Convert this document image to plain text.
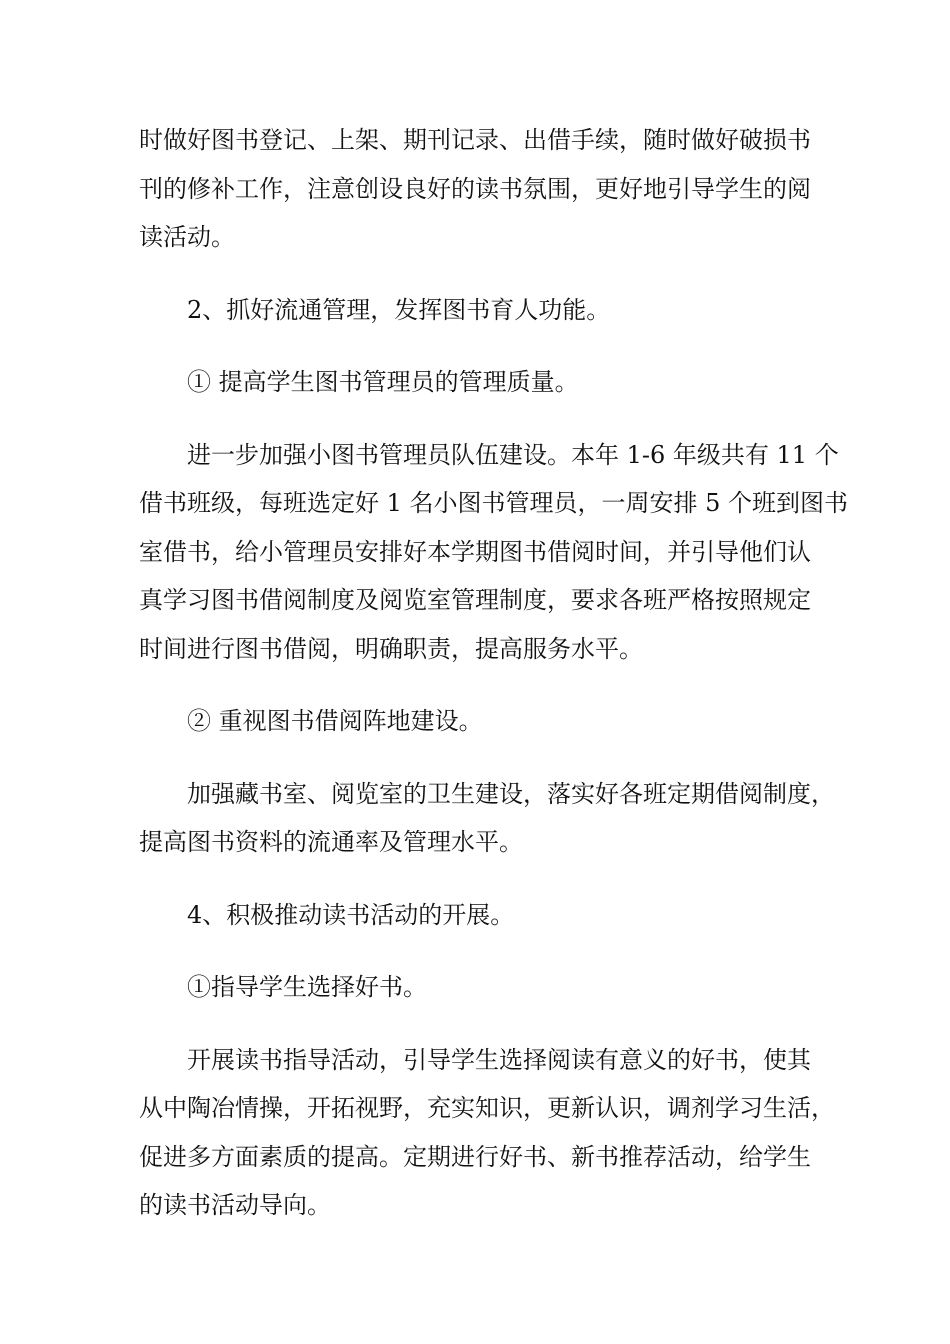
时做好图书登记、上架、期刊记录、出借手续，随时做好破损书
刊的修补工作，注意创设良好的读书氛围，更好地引导学生的阅
读活动。
2、抓好流通管理，发挥图书育人功能。
① 提高学生图书管理员的管理质量。
进一步加强小图书管理员队伍建设。本年 1-6 年级共有 11 个
借书班级，每班选定好 1 名小图书管理员，一周安排 5 个班到图书
室借书，给小管理员安排好本学期图书借阅时间，并引导他们认
真学习图书借阅制度及阅览室管理制度，要求各班严格按照规定
时间进行图书借阅，明确职责，提高服务水平。
② 重视图书借阅阵地建设。
加强藏书室、阅览室的卫生建设，落实好各班定期借阅制度，
提高图书资料的流通率及管理水平。
4、积极推动读书活动的开展。
①指导学生选择好书。
开展读书指导活动，引导学生选择阅读有意义的好书，使其
从中陶冶情操，开拓视野，充实知识，更新认识，调剂学习生活，
促进多方面素质的提高。定期进行好书、新书推荐活动，给学生
的读书活动导向。
